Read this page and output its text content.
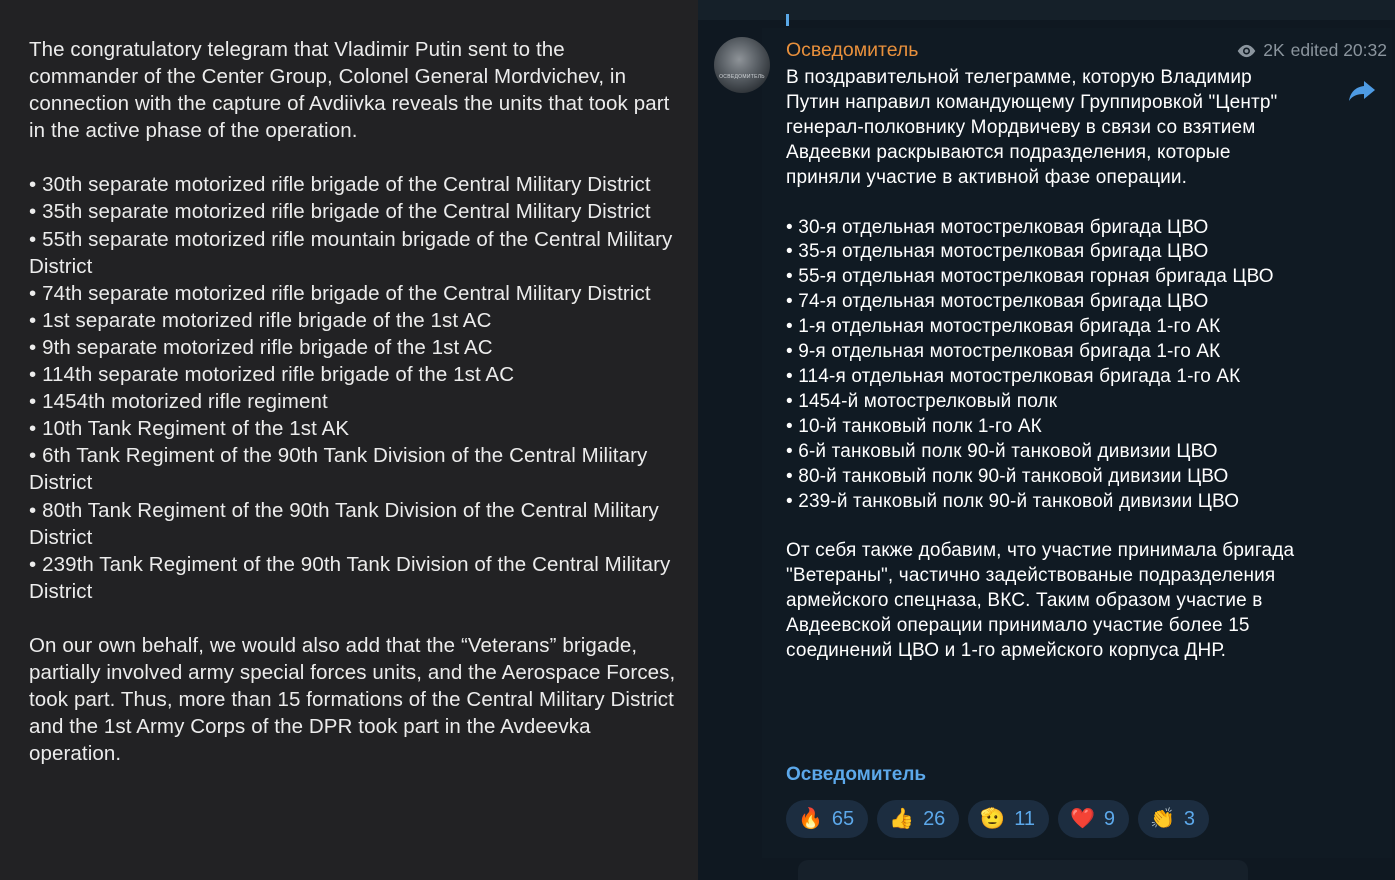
The congratulatory telegram that Vladimir Putin sent to the commander of the Center Group, Colonel General Mordvichev, in connection with the capture of Avdiivka reveals the units that took part in the active phase of the operation.

• 30th separate motorized rifle brigade of the Central Military District

• 35th separate motorized rifle brigade of the Central Military District

• 55th separate motorized rifle mountain brigade of the Central Military District

• 74th separate motorized rifle brigade of the Central Military District

• 1st separate motorized rifle brigade of the 1st AC

• 9th separate motorized rifle brigade of the 1st AC

• 114th separate motorized rifle brigade of the 1st AC

• 1454th motorized rifle regiment

• 10th Tank Regiment of the 1st AK

• 6th Tank Regiment of the 90th Tank Division of the Central Military District

• 80th Tank Regiment of the 90th Tank Division of the Central Military District

• 239th Tank Regiment of the 90th Tank Division of the Central Military District

On our own behalf, we would also add that the “Veterans” brigade, partially involved army special forces units, and the Aerospace Forces, took part. Thus, more than 15 formations of the Central Military District and the 1st Army Corps of the DPR took part in the Avdeevka operation.

ОСВЕДОМИТЕЛЬ
Осведомитель	2K edited 20:32

В поздравительной телеграмме, которую Владимир Путин направил командующему Группировкой "Центр" генерал-полковнику Мордвичеву в связи со взятием Авдеевки раскрываются подразделения, которые приняли участие в активной фазе операции.

• 30-я отдельная мотострелковая бригада ЦВО

• 35-я отдельная мотострелковая бригада ЦВО

• 55-я отдельная мотострелковая горная бригада ЦВО

• 74-я отдельная мотострелковая бригада ЦВО

• 1-я отдельная мотострелковая бригада 1-го АК

• 9-я отдельная мотострелковая бригада 1-го АК

• 114-я отдельная мотострелковая бригада 1-го АК

• 1454-й мотострелковый полк

• 10-й танковый полк 1-го АК

• 6-й танковый полк 90-й танковой дивизии ЦВО

• 80-й танковый полк 90-й танковой дивизии ЦВО

• 239-й танковый полк 90-й танковой дивизии ЦВО

От себя также добавим, что участие принимала бригада "Ветераны", частично задействованые подразделения армейского спецназа, ВКС. Таким образом участие в Авдеевской операции принимало участие более 15 соединений ЦВО и 1-го армейского корпуса ДНР.

Осведомитель
🔥 65 👍 26 🫡 11 ❤️ 9 👏 3
